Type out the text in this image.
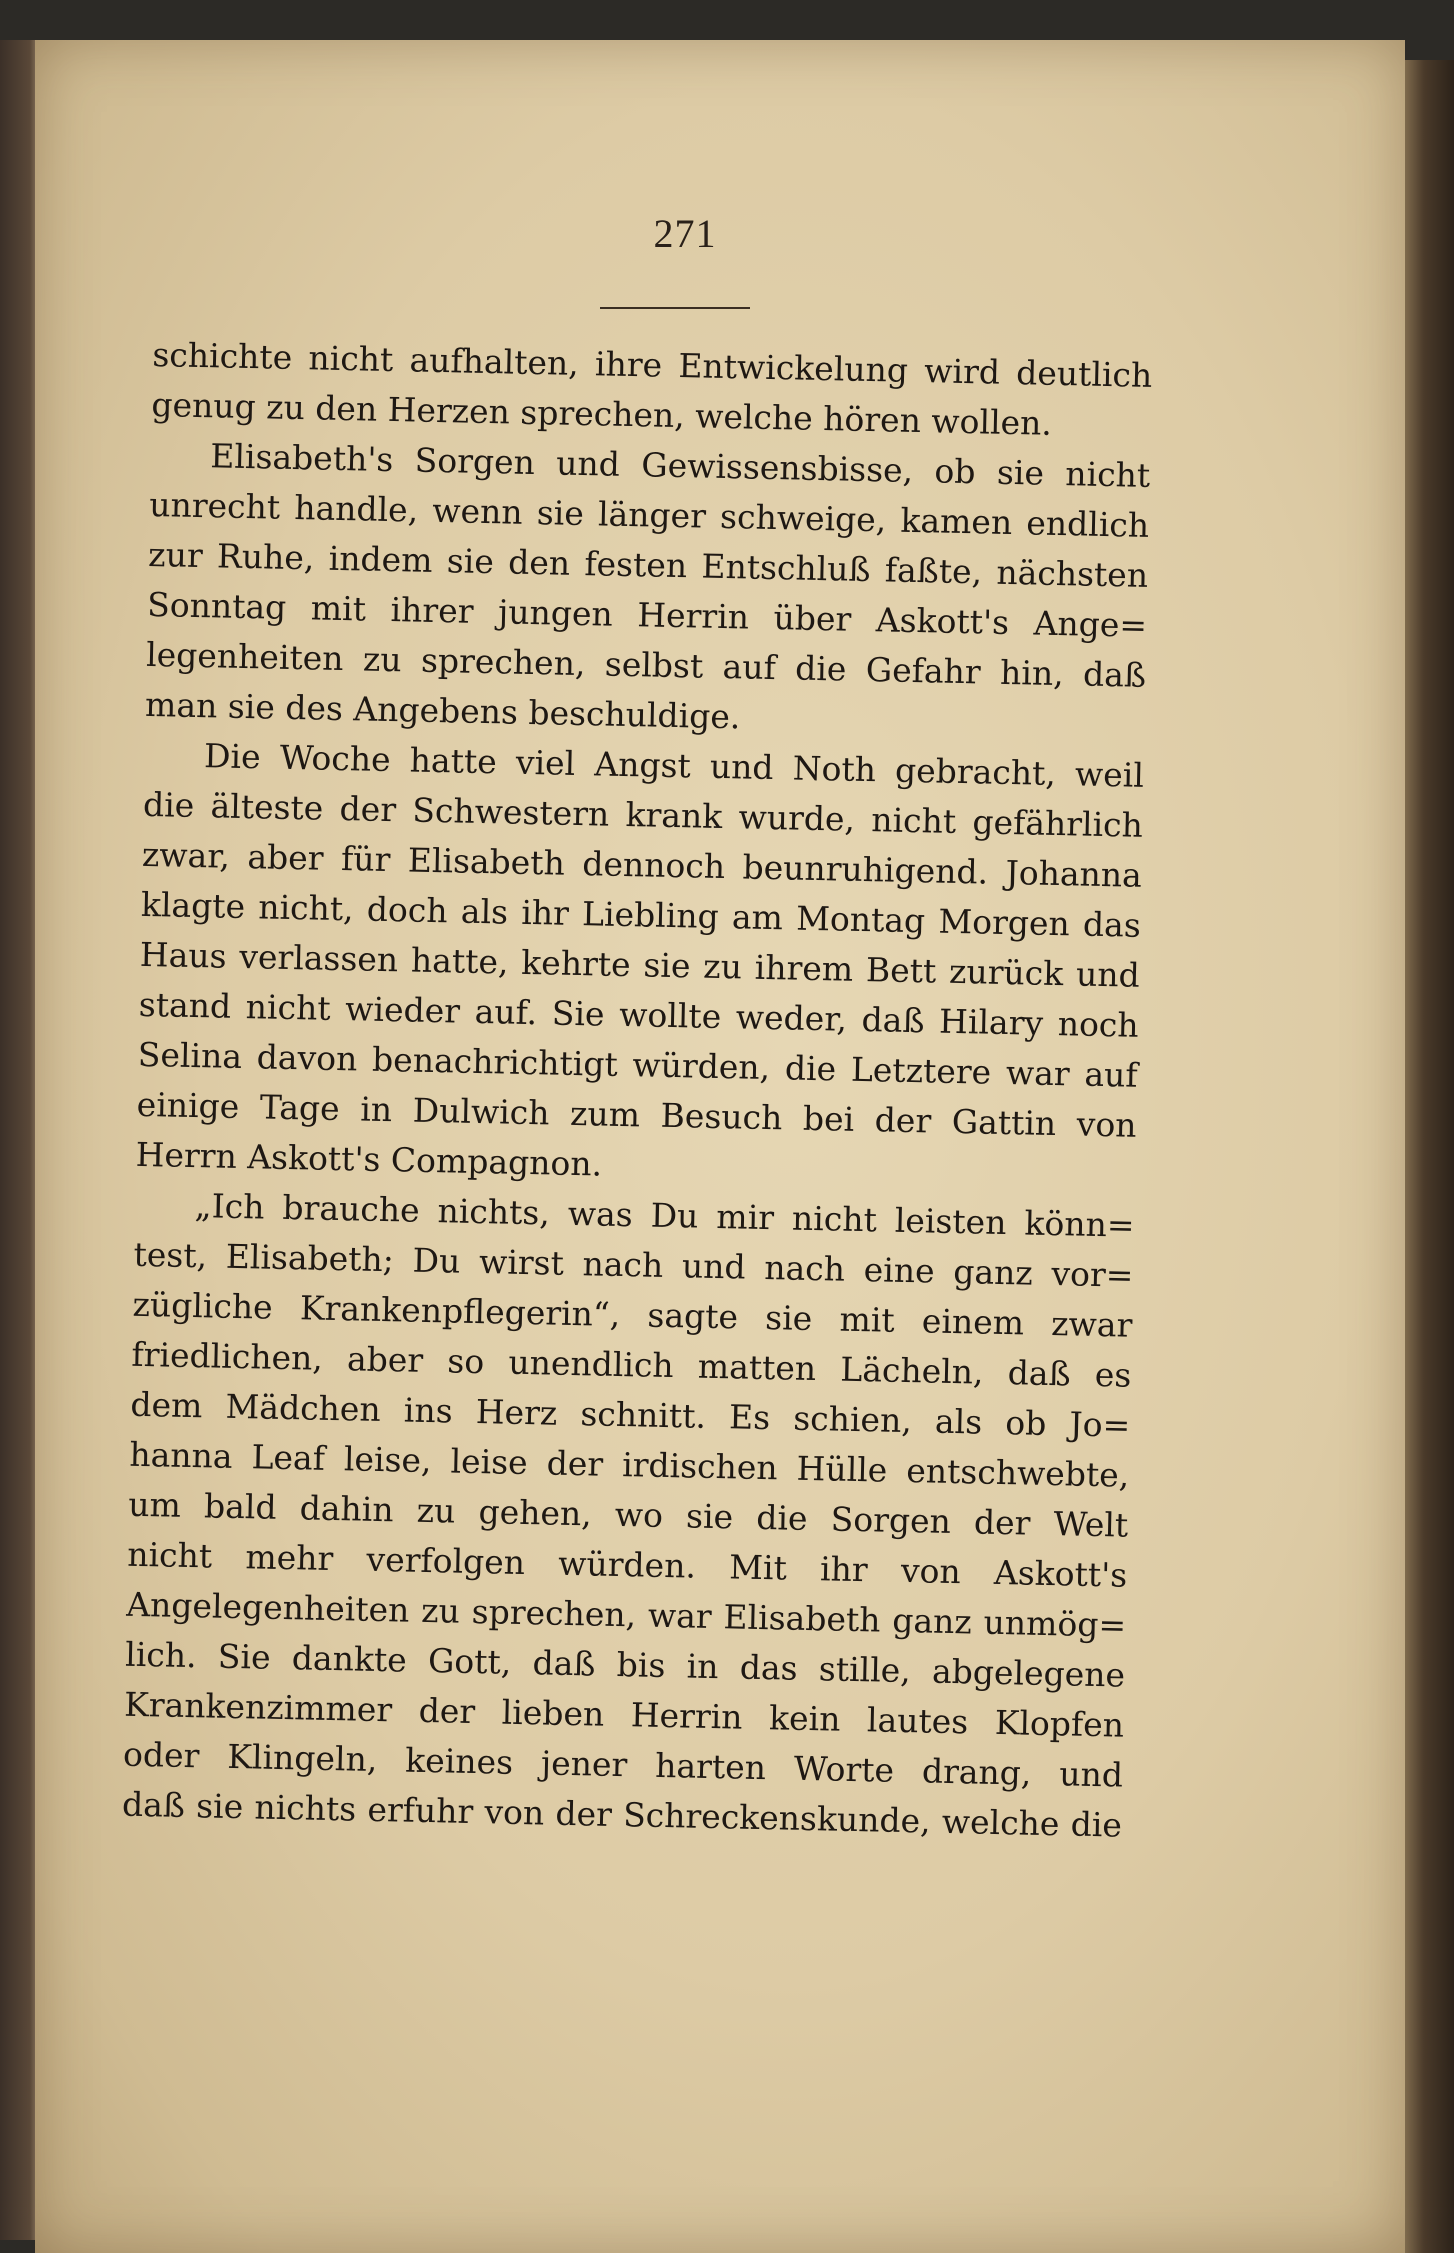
271
schichte nicht aufhalten, ihre Entwickelung wird deutlich
genug zu den Herzen sprechen, welche hören wollen.
Elisabeth's Sorgen und Gewissensbisse, ob sie nicht
unrecht handle, wenn sie länger schweige, kamen endlich
zur Ruhe, indem sie den festen Entschluß faßte, nächsten
Sonntag mit ihrer jungen Herrin über Askott's Ange=
legenheiten zu sprechen, selbst auf die Gefahr hin, daß
man sie des Angebens beschuldige.
Die Woche hatte viel Angst und Noth gebracht, weil
die älteste der Schwestern krank wurde, nicht gefährlich
zwar, aber für Elisabeth dennoch beunruhigend. Johanna
klagte nicht, doch als ihr Liebling am Montag Morgen das
Haus verlassen hatte, kehrte sie zu ihrem Bett zurück und
stand nicht wieder auf. Sie wollte weder, daß Hilary noch
Selina davon benachrichtigt würden, die Letztere war auf
einige Tage in Dulwich zum Besuch bei der Gattin von
Herrn Askott's Compagnon.
„Ich brauche nichts, was Du mir nicht leisten könn=
test, Elisabeth; Du wirst nach und nach eine ganz vor=
zügliche Krankenpflegerin“, sagte sie mit einem zwar
friedlichen, aber so unendlich matten Lächeln, daß es
dem Mädchen ins Herz schnitt. Es schien, als ob Jo=
hanna Leaf leise, leise der irdischen Hülle entschwebte,
um bald dahin zu gehen, wo sie die Sorgen der Welt
nicht mehr verfolgen würden. Mit ihr von Askott's
Angelegenheiten zu sprechen, war Elisabeth ganz unmög=
lich. Sie dankte Gott, daß bis in das stille, abgelegene
Krankenzimmer der lieben Herrin kein lautes Klopfen
oder Klingeln, keines jener harten Worte drang, und
daß sie nichts erfuhr von der Schreckenskunde, welche die
